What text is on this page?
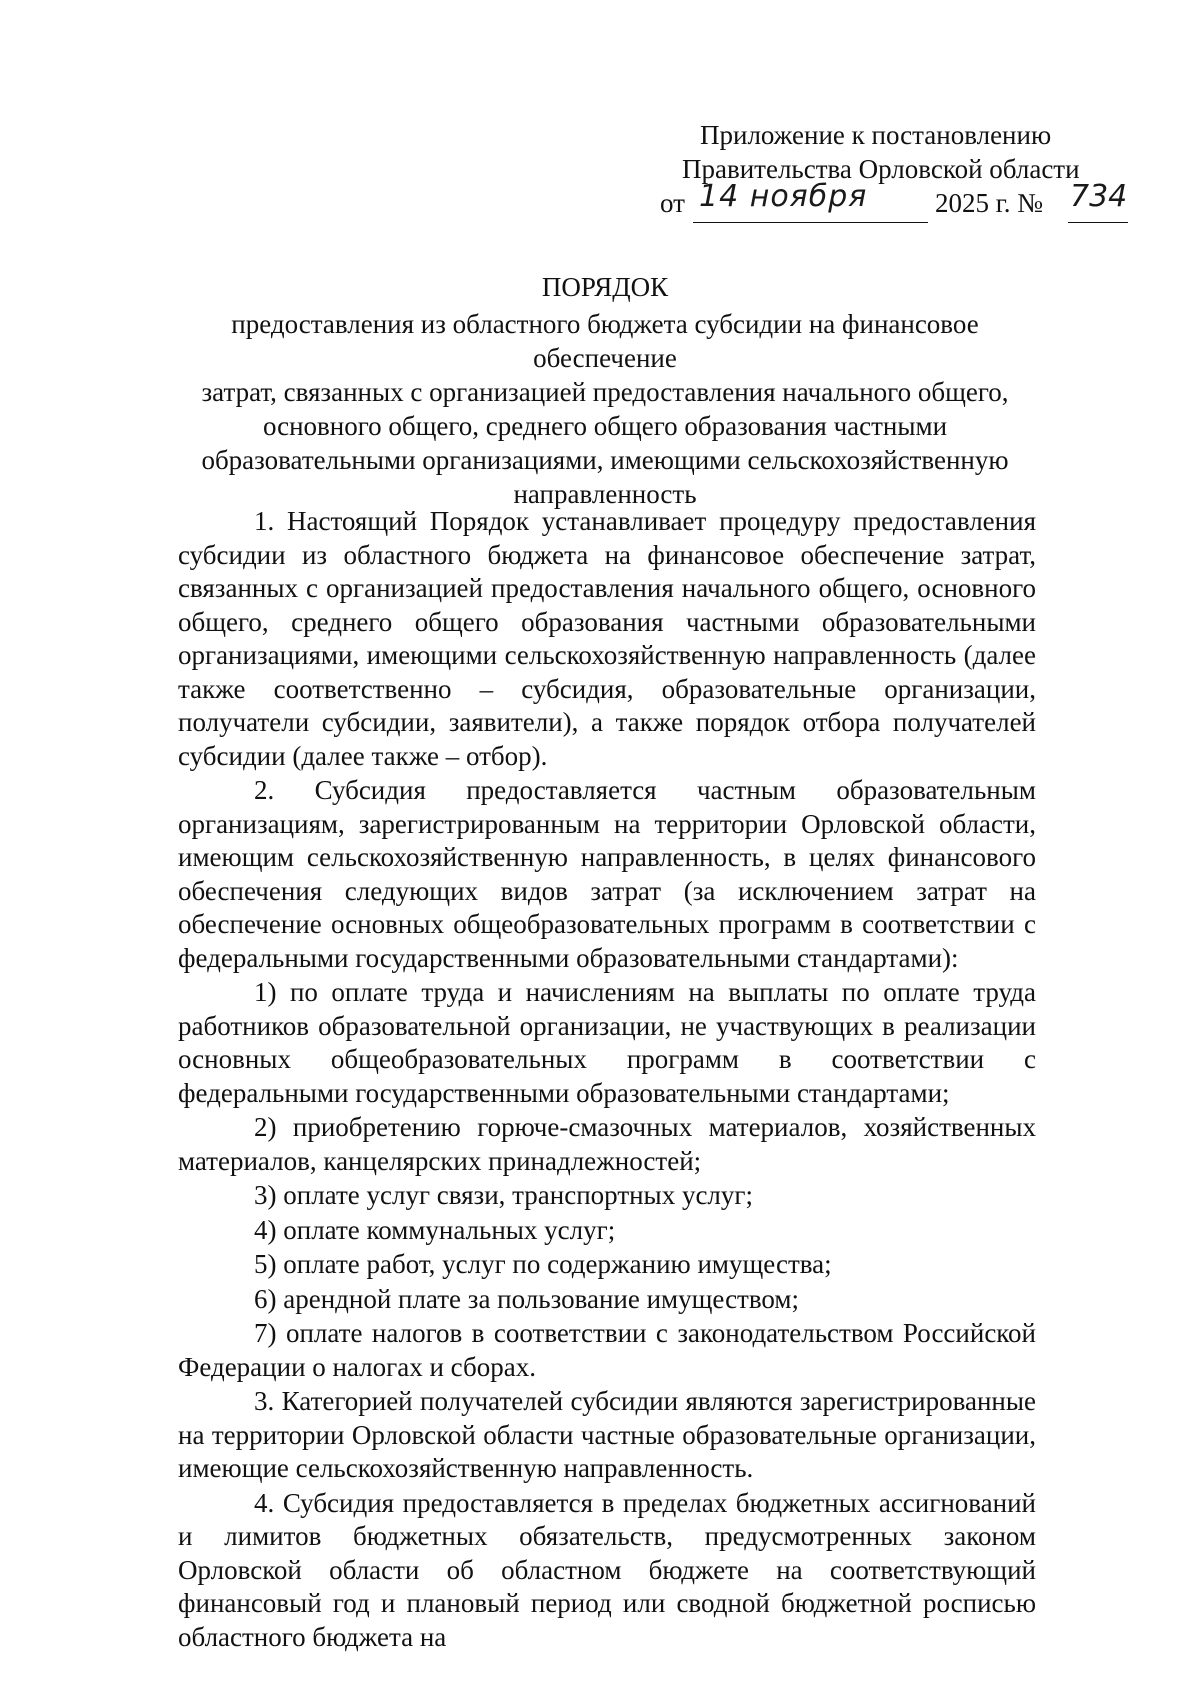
Приложение к постановлению
Правительства Орловской области
от 14 ноября	2025 г. № 734
ПОРЯДОК
предоставления из областного бюджета субсидии на финансовое обеспечение
затрат, связанных с организацией предоставления начального общего,
основного общего, среднего общего образования частными
образовательными организациями, имеющими сельскохозяйственную
направленность

1. Настоящий Порядок устанавливает процедуру предоставления субсидии из областного бюджета на финансовое обеспечение затрат, связанных с организацией предоставления начального общего, основного общего, среднего общего образования частными образовательными организациями, имеющими сельскохозяйственную направленность (далее также соответственно – субсидия, образовательные организации, получатели субсидии, заявители), а также порядок отбора получателей субсидии (далее также – отбор).

2. Субсидия предоставляется частным образовательным организациям, зарегистрированным на территории Орловской области, имеющим сельскохозяйственную направленность, в целях финансового обеспечения следующих видов затрат (за исключением затрат на обеспечение основных общеобразовательных программ в соответствии с федеральными государственными образовательными стандартами):

1) по оплате труда и начислениям на выплаты по оплате труда работников образовательной организации, не участвующих в реализации основных общеобразовательных программ в соответствии с федеральными государственными образовательными стандартами;

2) приобретению горюче-смазочных материалов, хозяйственных материалов, канцелярских принадлежностей;

3) оплате услуг связи, транспортных услуг;

4) оплате коммунальных услуг;

5) оплате работ, услуг по содержанию имущества;

6) арендной плате за пользование имуществом;

7) оплате налогов в соответствии с законодательством Российской Федерации о налогах и сборах.

3. Категорией получателей субсидии являются зарегистрированные на территории Орловской области частные образовательные организации, имеющие сельскохозяйственную направленность.

4. Субсидия предоставляется в пределах бюджетных ассигнований и лимитов бюджетных обязательств, предусмотренных законом Орловской области об областном бюджете на соответствующий финансовый год и плановый период или сводной бюджетной росписью областного бюджета на
